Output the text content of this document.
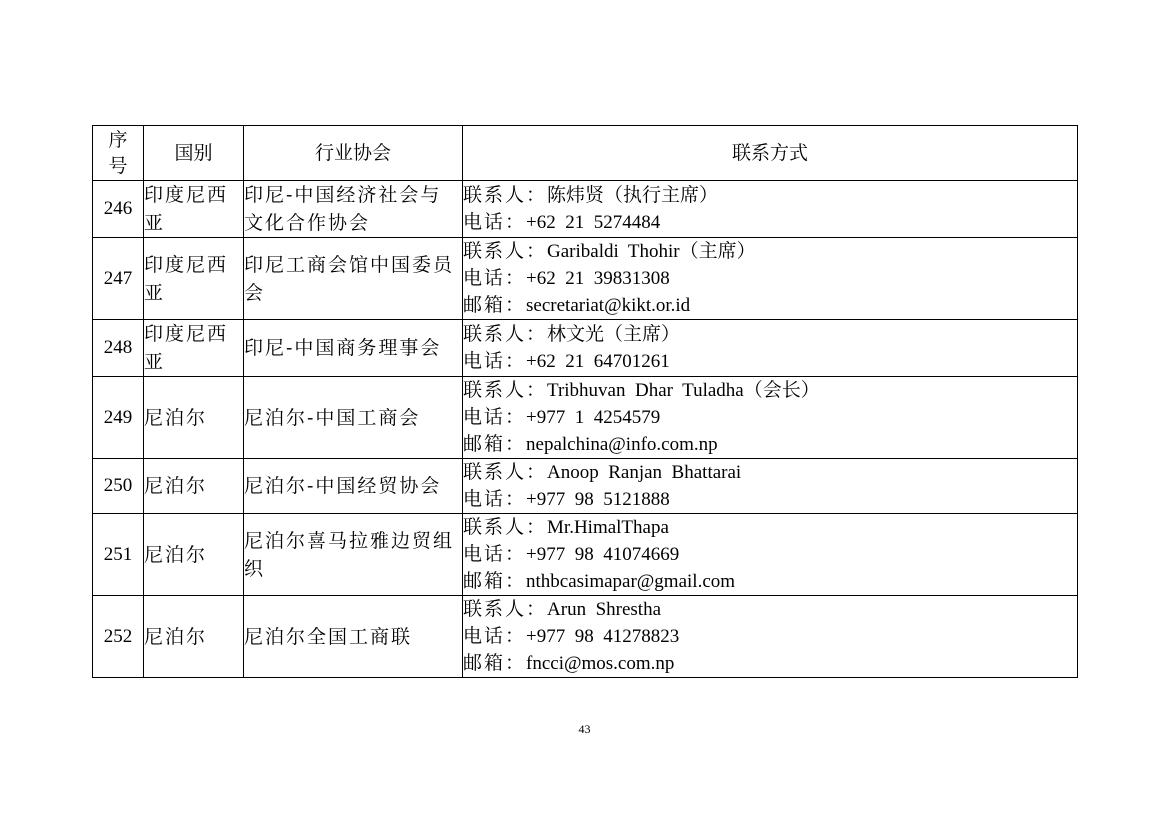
序号	国别	行业协会	联系方式
246	印度尼西亚	印尼-中国经济社会与文化合作协会	联系人：陈炜贤（执行主席）
电话：+62  21  5274484

247	印度尼西亚	印尼工商会馆中国委员会	联系人：Garibaldi  Thohir（主席）
电话：+62  21  39831308
邮箱：secretariat@kikt.or.id

248	印度尼西亚	印尼-中国商务理事会	联系人：林文光（主席）
电话：+62  21  64701261

249	尼泊尔	尼泊尔-中国工商会	联系人：Tribhuvan  Dhar  Tuladha（会长）
电话：+977  1  4254579
邮箱：nepalchina@info.com.np

250	尼泊尔	尼泊尔-中国经贸协会	联系人：Anoop  Ranjan  Bhattarai
电话：+977  98  5121888

251	尼泊尔	尼泊尔喜马拉雅边贸组织	联系人：Mr.HimalThapa
电话：+977  98  41074669
邮箱：nthbcasimapar@gmail.com

252	尼泊尔	尼泊尔全国工商联	联系人：Arun  Shrestha
电话：+977  98  41278823
邮箱：fncci@mos.com.np
43
